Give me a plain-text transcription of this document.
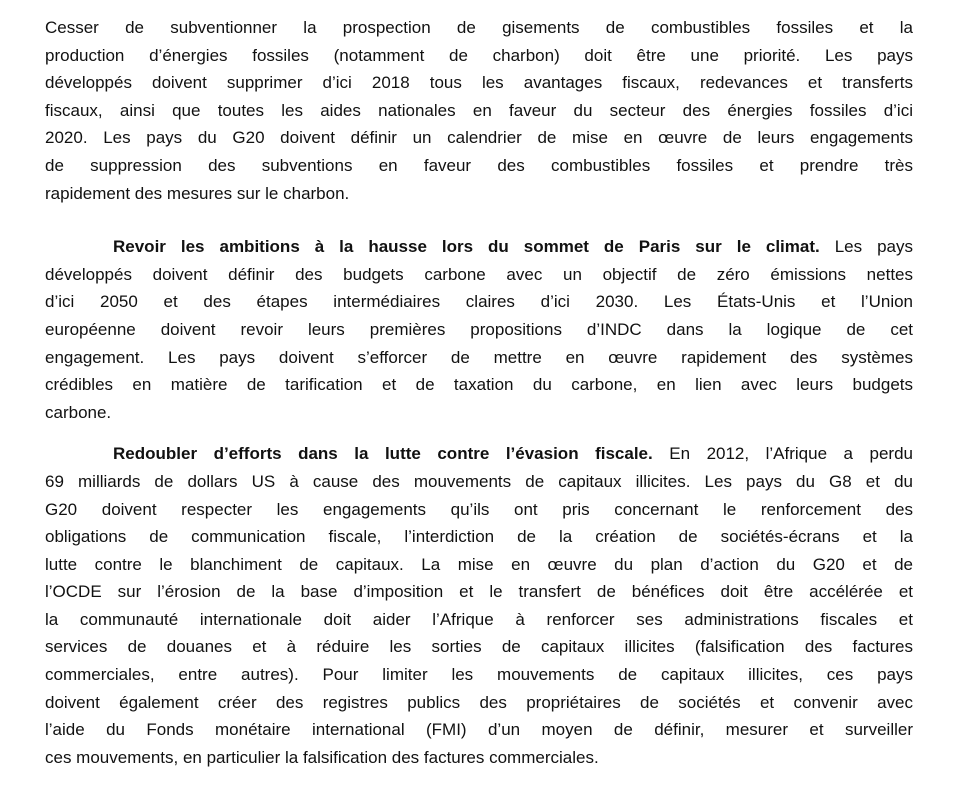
Cesser de subventionner la prospection de gisements de combustibles fossiles et la
production d’énergies fossiles (notamment de charbon) doit être une priorité. Les pays
développés doivent supprimer d’ici 2018 tous les avantages fiscaux, redevances et transferts
fiscaux, ainsi que toutes les aides nationales en faveur du secteur des énergies fossiles d’ici
2020. Les pays du G20 doivent définir un calendrier de mise en œuvre de leurs engagements
de suppression des subventions en faveur des combustibles fossiles et prendre très
rapidement des mesures sur le charbon.
Revoir les ambitions à la hausse lors du sommet de Paris sur le climat. Les pays
développés doivent définir des budgets carbone avec un objectif de zéro émissions nettes
d’ici 2050 et des étapes intermédiaires claires d’ici 2030. Les États-Unis et l’Union
européenne doivent revoir leurs premières propositions d’INDC dans la logique de cet
engagement. Les pays doivent s’efforcer de mettre en œuvre rapidement des systèmes
crédibles en matière de tarification et de taxation du carbone, en lien avec leurs budgets
carbone.
Redoubler d’efforts dans la lutte contre l’évasion fiscale. En 2012, l’Afrique a perdu
69 milliards de dollars US à cause des mouvements de capitaux illicites. Les pays du G8 et du
G20 doivent respecter les engagements qu’ils ont pris concernant le renforcement des
obligations de communication fiscale, l’interdiction de la création de sociétés-écrans et la
lutte contre le blanchiment de capitaux. La mise en œuvre du plan d’action du G20 et de
l’OCDE sur l’érosion de la base d’imposition et le transfert de bénéfices doit être accélérée et
la communauté internationale doit aider l’Afrique à renforcer ses administrations fiscales et
services de douanes et à réduire les sorties de capitaux illicites (falsification des factures
commerciales, entre autres). Pour limiter les mouvements de capitaux illicites, ces pays
doivent également créer des registres publics des propriétaires de sociétés et convenir avec
l’aide du Fonds monétaire international (FMI) d’un moyen de définir, mesurer et surveiller
ces mouvements, en particulier la falsification des factures commerciales.
